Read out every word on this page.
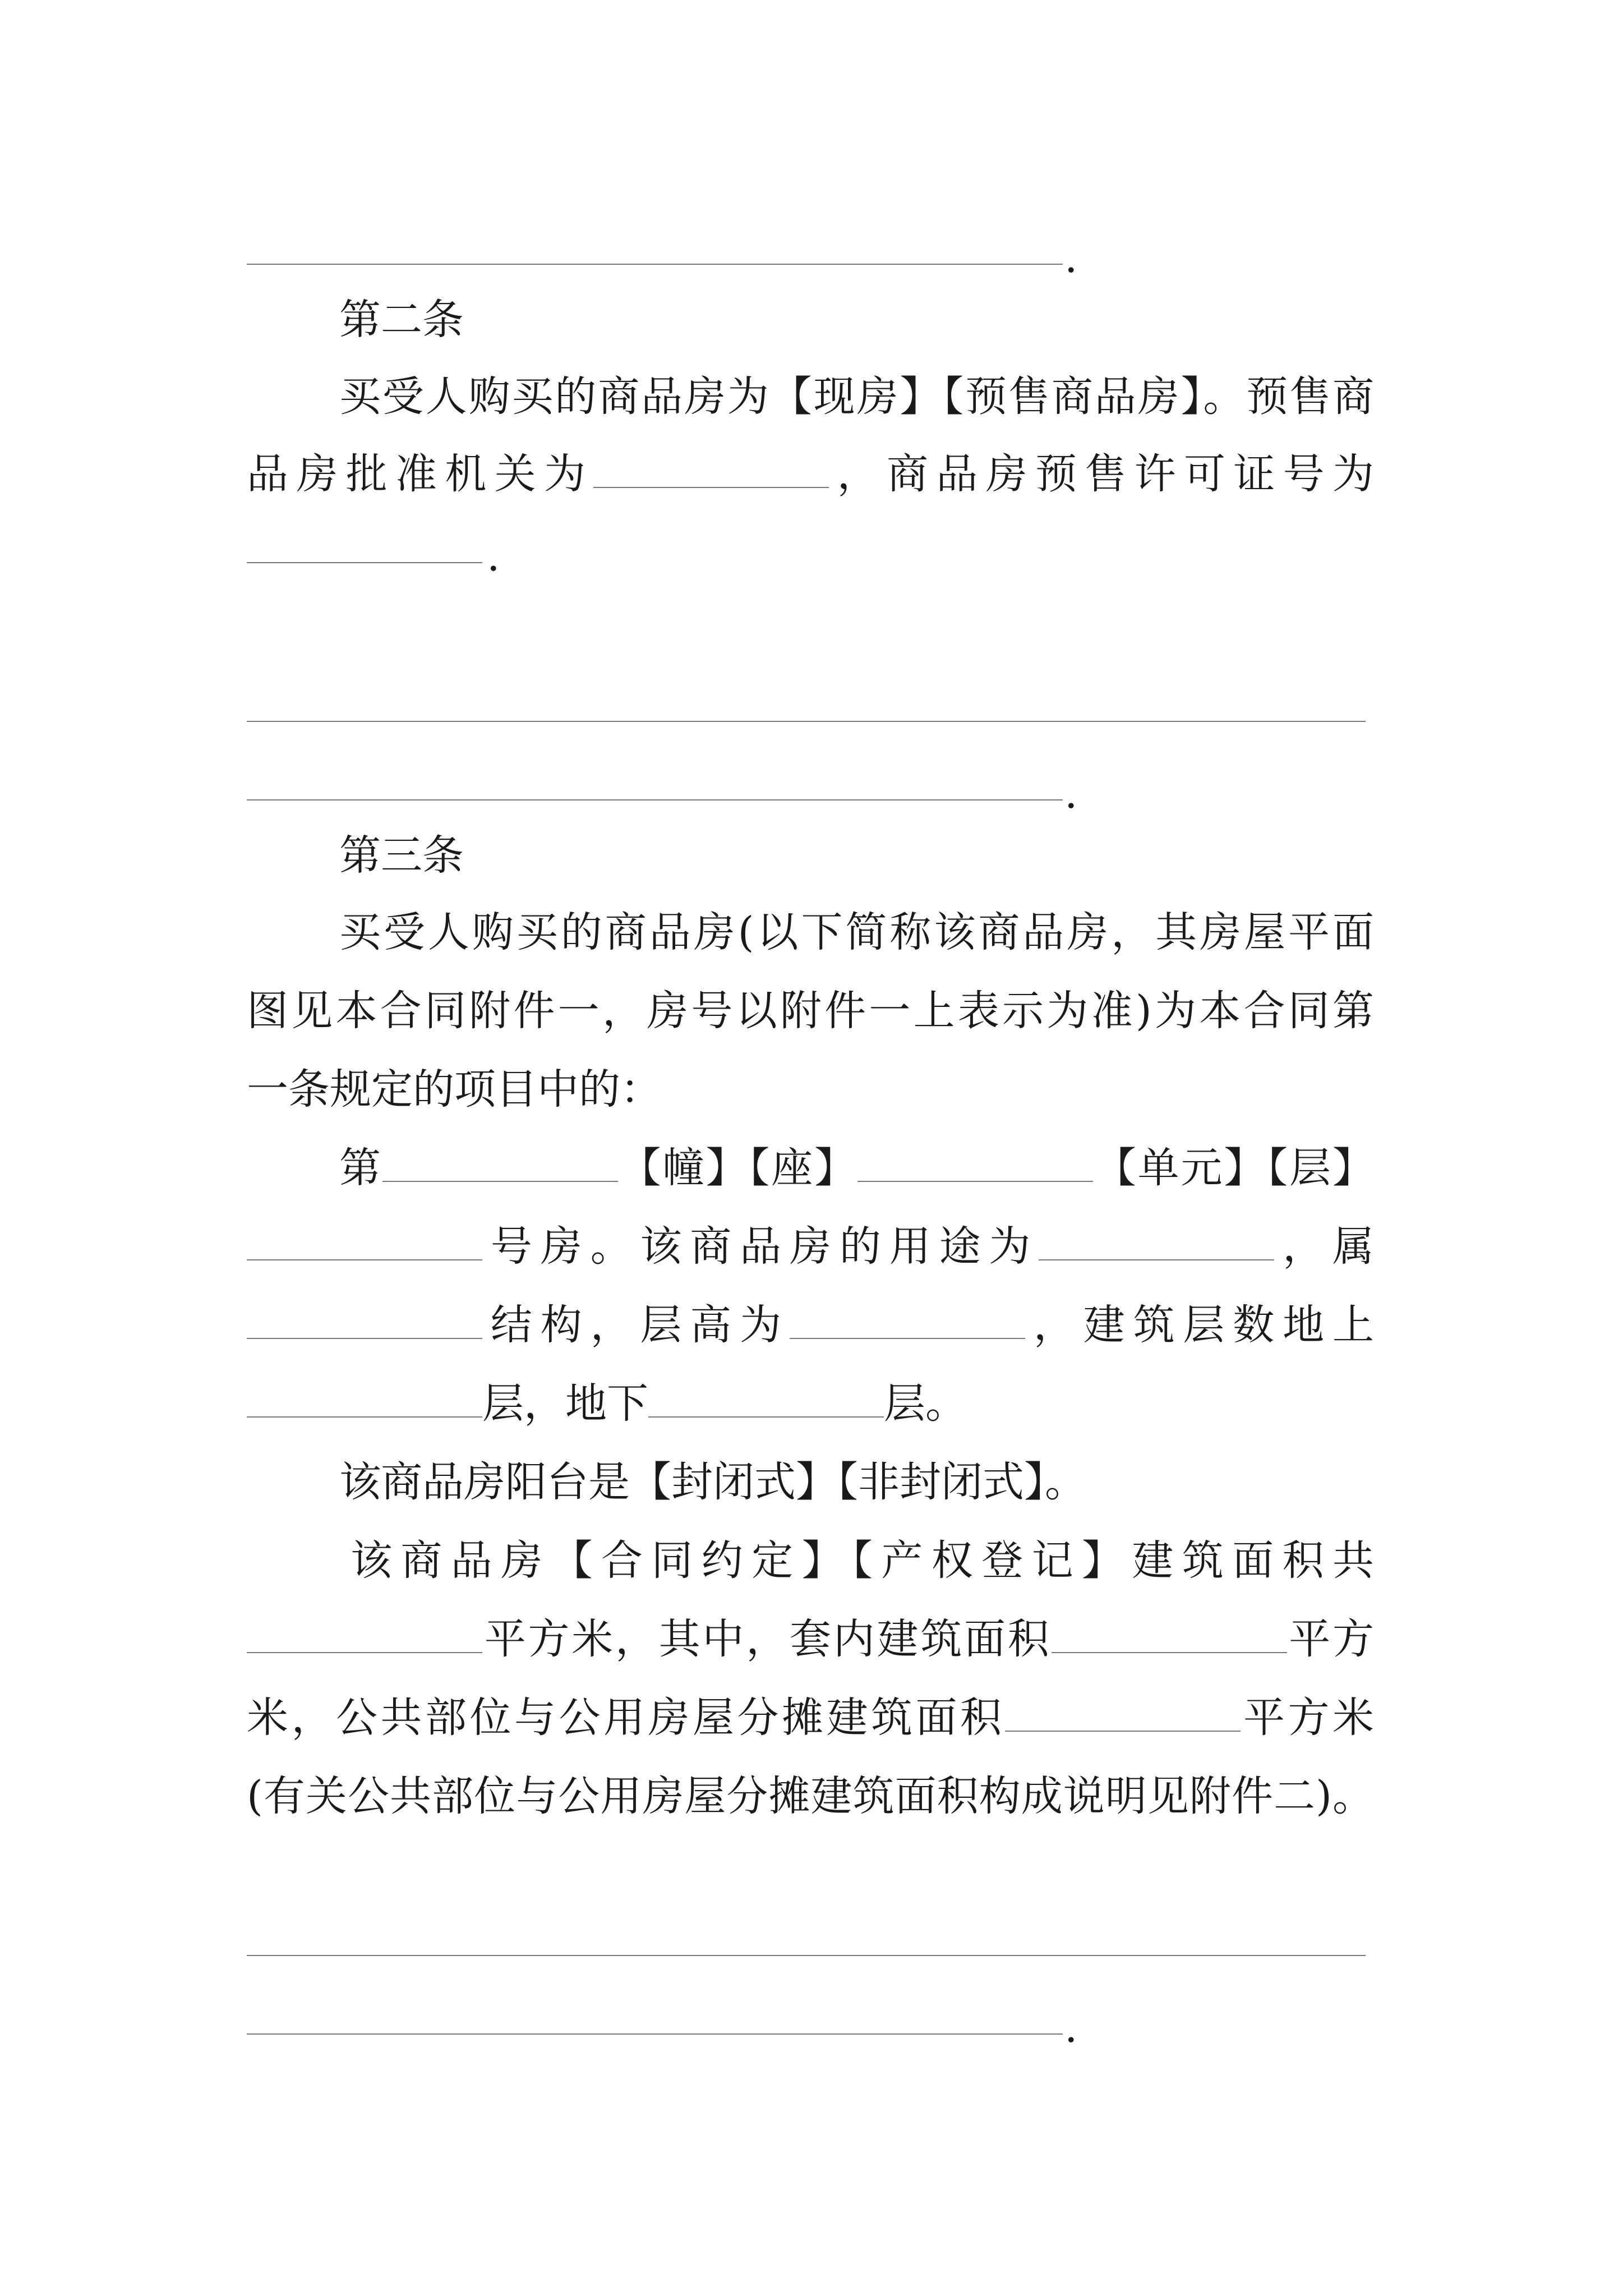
.
第二条
买受人购买的商品房为【现房】【预售商品房】。预售商
品房批准机关为	，商品房预售许可证号为
.
.
第三条
买受人购买的商品房(以下简称该商品房，其房屋平面
图见本合同附件一，房号以附件一上表示为准)为本合同第
一条规定的项目中的：
第	【幢】【座】	【单元】【层】
号房。该商品房的用途为	，属
结构，层高为	，建筑层数地上
层，地下	层。
该商品房阳台是【封闭式】【非封闭式】。
该商品房【合同约定】【产权登记】建筑面积共
平方米，其中，套内建筑面积	平方
米，公共部位与公用房屋分摊建筑面积	平方米
(有关公共部位与公用房屋分摊建筑面积构成说明见附件二)。
.
